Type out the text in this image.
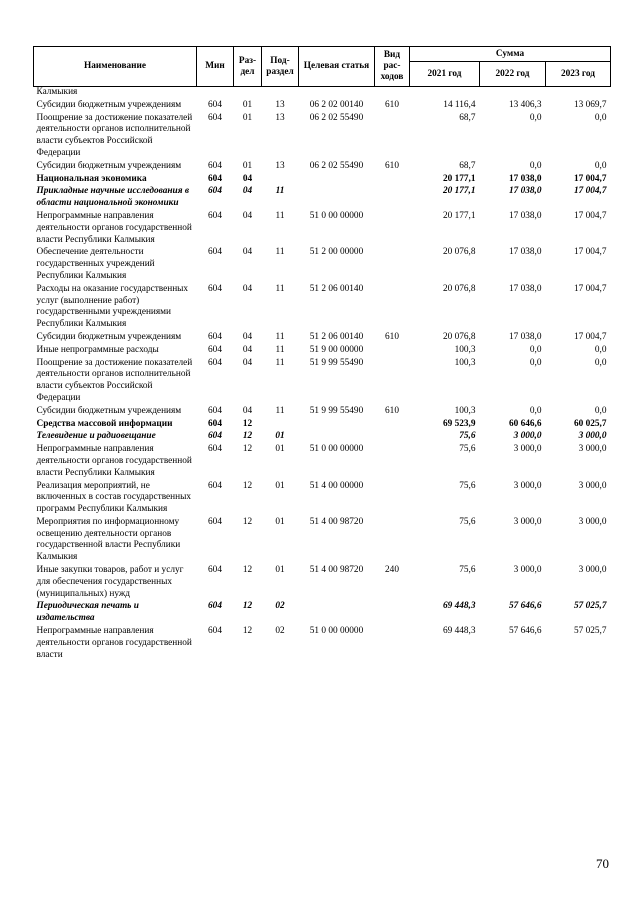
Наименование	Мин	Раз-дел	Под-раздел	Целевая статья	Вид рас-ходов	Сумма		
						2021 год	2022 год	2023 год
Калмыкия								
Субсидии бюджетным учреждениям	604	01	13	06 2 02 00140	610	14 116,4	13 406,3	13 069,7
Поощрение за достижение показателей деятельности органов исполнительной власти субъектов Российской Федерации	604	01	13	06 2 02 55490		68,7	0,0	0,0
Субсидии бюджетным учреждениям	604	01	13	06 2 02 55490	610	68,7	0,0	0,0
Национальная экономика	604	04				20 177,1	17 038,0	17 004,7
Прикладные научные исследования в области национальной экономики	604	04	11			20 177,1	17 038,0	17 004,7
Непрограммные направления деятельности органов государственной власти Республики Калмыкия	604	04	11	51 0 00 00000		20 177,1	17 038,0	17 004,7
Обеспечение деятельности государственных учреждений Республики Калмыкия	604	04	11	51 2 00 00000		20 076,8	17 038,0	17 004,7
Расходы на оказание государственных услуг (выполнение работ) государственными учреждениями Республики Калмыкия	604	04	11	51 2 06 00140		20 076,8	17 038,0	17 004,7
Субсидии бюджетным учреждениям	604	04	11	51 2 06 00140	610	20 076,8	17 038,0	17 004,7
Иные непрограммные расходы	604	04	11	51 9 00 00000		100,3	0,0	0,0
Поощрение за достижение показателей деятельности органов исполнительной власти субъектов Российской Федерации	604	04	11	51 9 99 55490		100,3	0,0	0,0
Субсидии бюджетным учреждениям	604	04	11	51 9 99 55490	610	100,3	0,0	0,0
Средства массовой информации	604	12				69 523,9	60 646,6	60 025,7
Телевидение и радиовещание	604	12	01			75,6	3 000,0	3 000,0
Непрограммные направления деятельности органов государственной власти Республики Калмыкия	604	12	01	51 0 00 00000		75,6	3 000,0	3 000,0
Реализация мероприятий, не включенных в состав государственных программ Республики Калмыкия	604	12	01	51 4 00 00000		75,6	3 000,0	3 000,0
Мероприятия по информационному освещению деятельности органов государственной власти Республики Калмыкия	604	12	01	51 4 00 98720		75,6	3 000,0	3 000,0
Иные закупки товаров, работ и услуг для обеспечения государственных (муниципальных) нужд	604	12	01	51 4 00 98720	240	75,6	3 000,0	3 000,0
Периодическая печать и издательства	604	12	02			69 448,3	57 646,6	57 025,7
Непрограммные направления деятельности органов государственной власти	604	12	02	51 0 00 00000		69 448,3	57 646,6	57 025,7
70
